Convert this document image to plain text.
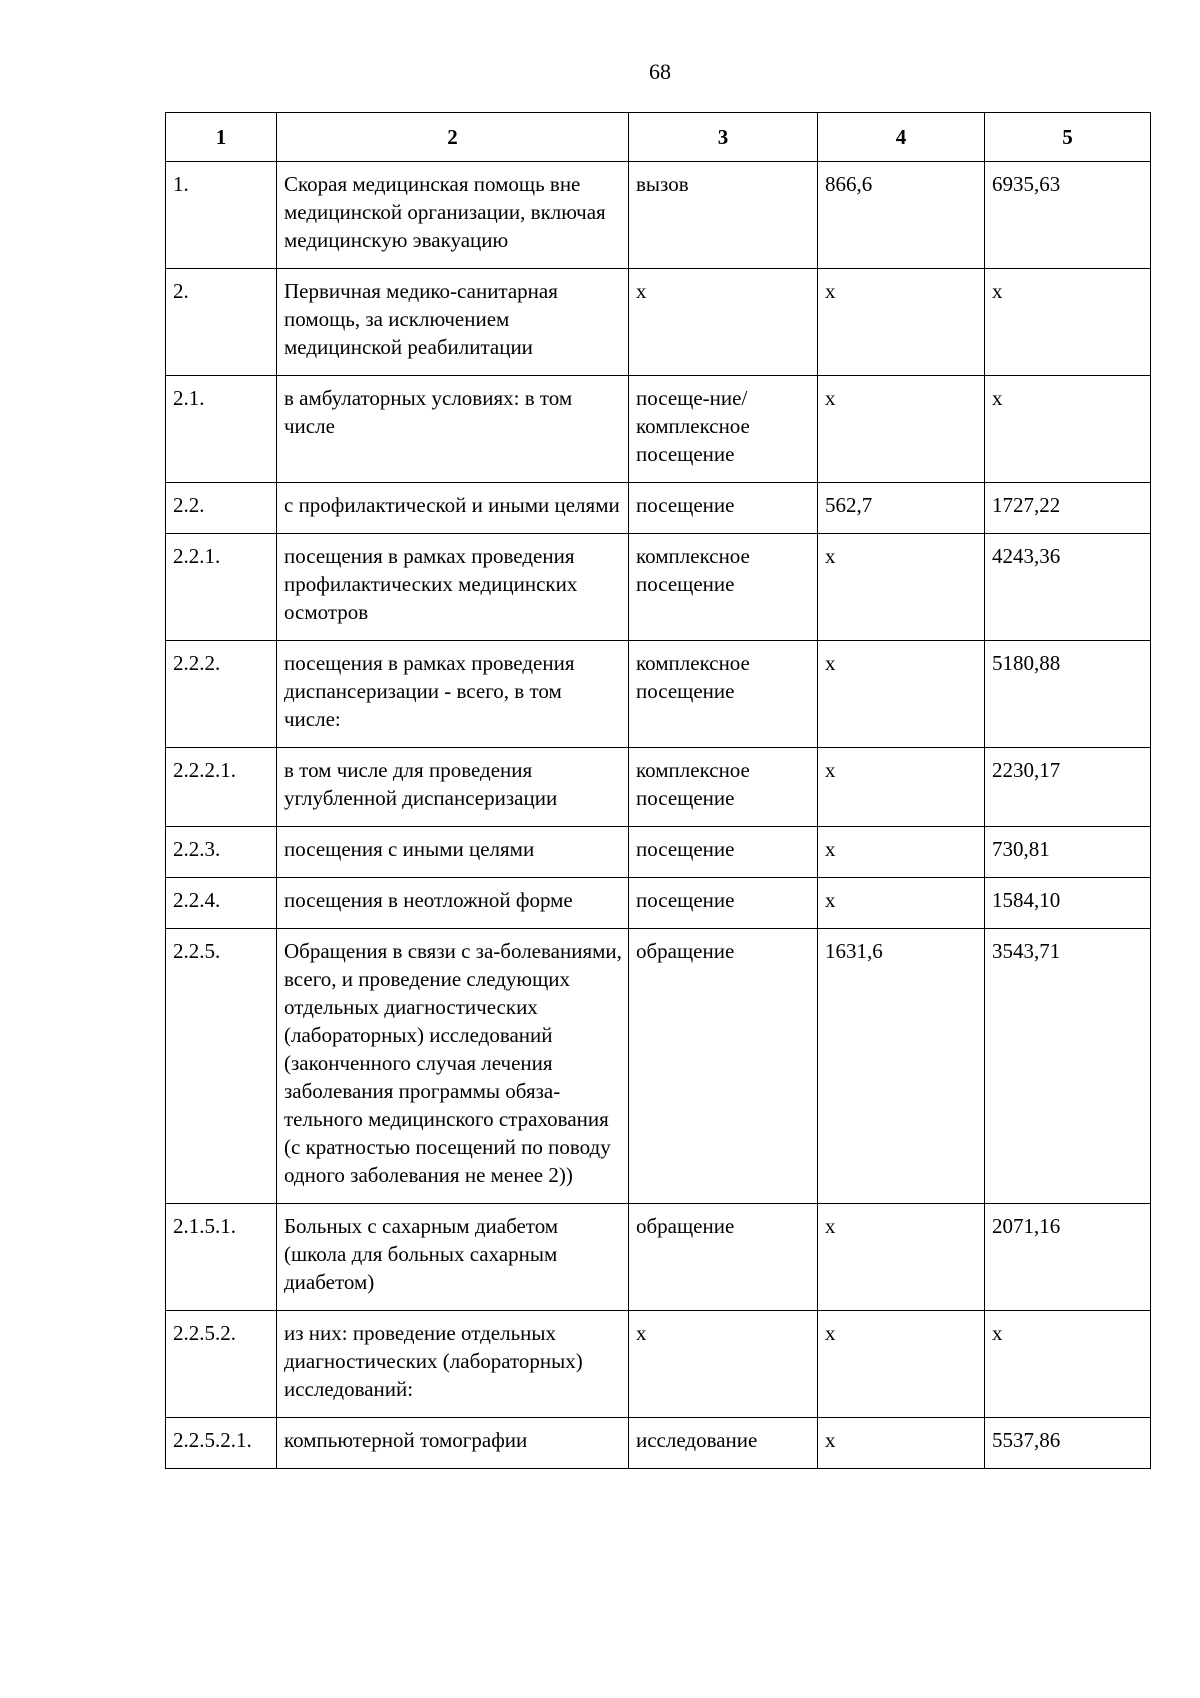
68
1	2	3	4	5
1.	Скорая медицинская помощь вне медицинской организации, включая медицинскую эвакуацию	вызов	866,6	6935,63
2.	Первичная медико-санитарная помощь, за исключением медицинской реабилитации	х	х	х
2.1.	в амбулаторных условиях: в том числе	посеще-ние/комплексное посещение	х	х
2.2.	с профилактической и иными целями	посещение	562,7	1727,22
2.2.1.	посещения в рамках проведения профилактических медицинских осмотров	комплексное посещение	х	4243,36
2.2.2.	посещения в рамках проведения диспансеризации - всего, в том числе:	комплексное посещение	х	5180,88
2.2.2.1.	в том числе для проведения углубленной диспансеризации	комплексное посещение	х	2230,17
2.2.3.	посещения с иными целями	посещение	х	730,81
2.2.4.	посещения в неотложной форме	посещение	х	1584,10
2.2.5.	Обращения в связи с за-болеваниями, всего, и проведение следующих отдельных диагностических (лабораторных) исследований (законченного случая лечения заболевания программы обяза-тельного медицинского страхования (с кратностью посещений по поводу одного заболевания не менее 2))	обращение	1631,6	3543,71
2.1.5.1.	Больных с сахарным диабетом (школа для больных сахарным диабетом)	обращение	х	2071,16
2.2.5.2.	из них: проведение отдельных диагностических (лабораторных) исследований:	х	х	х
2.2.5.2.1.	компьютерной томографии	исследование	х	5537,86
